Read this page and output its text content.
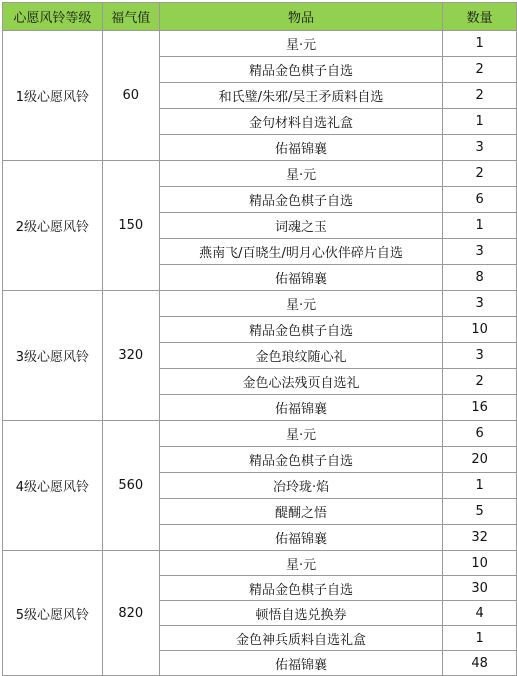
心愿风铃等级	福气值	物品	数量
1级心愿风铃	60	星·元	1
		精品金色棋子自选	2
		和氏璧/朱邪/吴王矛质料自选	2
		金句材料自选礼盒	1
		佑福锦襄	3
2级心愿风铃	150	星·元	2
		精品金色棋子自选	6
		词魂之玉	1
		燕南飞/百晓生/明月心伙伴碎片自选	3
		佑福锦襄	8
3级心愿风铃	320	星·元	3
		精品金色棋子自选	10
		金色琅纹随心礼	3
		金色心法残页自选礼	2
		佑福锦襄	16
4级心愿风铃	560	星·元	6
		精品金色棋子自选	20
		冶玲珑·焰	1
		醍醐之悟	5
		佑福锦襄	32
5级心愿风铃	820	星·元	10
		精品金色棋子自选	30
		顿悟自选兑换券	4
		金色神兵质料自选礼盒	1
		佑福锦襄	48
